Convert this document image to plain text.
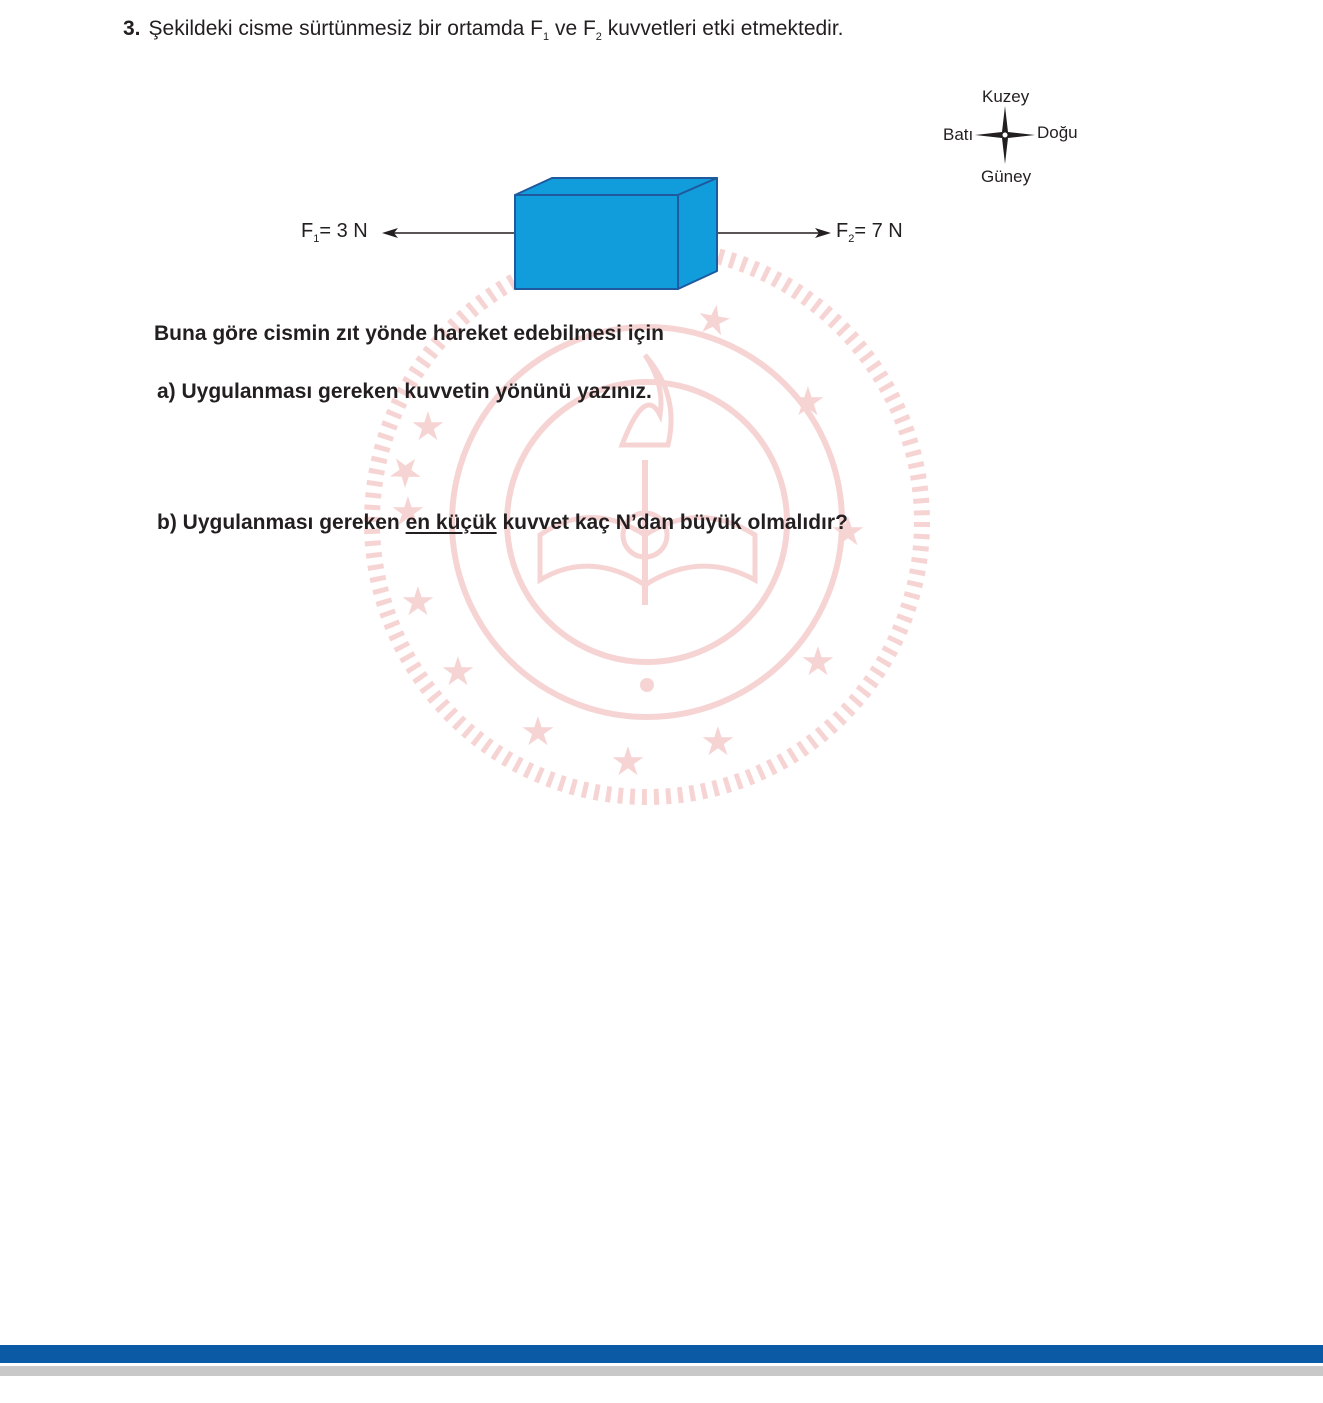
★
★
★
★
★
★
★
★
★
★
★
★
3. Şekildeki cisme sürtünmesiz bir ortamda $F_1$ ve $F_2$ kuvvetleri etki etmektedir.
Kuzey
Batı	Doğu
Güney
$F_1= 3$ N	$F_2= 7$ N
Buna göre cismin zıt yönde hareket edebilmesi için
a) Uygulanması gereken kuvvetin yönünü yazınız.
b) Uygulanması gereken en küçük kuvvet kaç N’dan büyük olmalıdır?
